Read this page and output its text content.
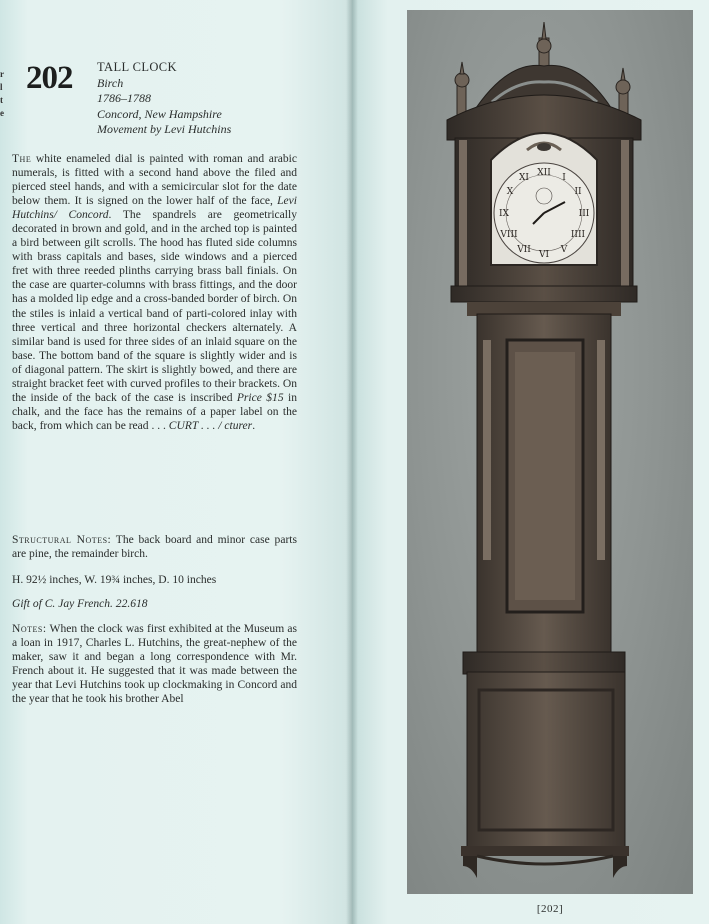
r
l
t
e
202 TALL CLOCK
Birch
1786–1788
Concord, New Hampshire
Movement by Levi Hutchins

The white enameled dial is painted with roman and arabic numerals, is fitted with a second hand above the filed and pierced steel hands, and with a semicircular slot for the date below them. It is signed on the lower half of the face, Levi Hutchins/ Concord. The spandrels are geometrically decorated in brown and gold, and in the arched top is painted a bird between gilt scrolls. The hood has fluted side columns with brass capitals and bases, side windows and a pierced fret with three reeded plinths carrying brass ball finials. On the case are quarter-columns with brass fittings, and the door has a molded lip edge and a cross-banded border of birch. On the stiles is inlaid a vertical band of parti-colored inlay with three vertical and three horizontal checkers alternately. A similar band is used for three sides of an inlaid square on the base. The bottom band of the square is slightly wider and is of diagonal pattern. The skirt is slightly bowed, and there are straight bracket feet with curved profiles to their brackets. On the inside of the back of the case is inscribed Price $15 in chalk, and the face has the remains of a paper label on the back, from which can be read . . . CURT . . . / cturer.

Structural Notes: The back board and minor case parts are pine, the remainder birch.
H. 92½ inches, W. 19¾ inches, D. 10 inches
Gift of C. Jay French. 22.618
Notes: When the clock was first exhibited at the Museum as a loan in 1917, Charles L. Hutchins, the great-nephew of the maker, saw it and began a long correspondence with Mr. French about it. He suggested that it was made between the year that Levi Hutchins took up clockmaking in Concord and the year that he took his brother Abel
XII I
II
III
IIII
V
VI
VII
VIII
IX
X
XI
[202]
